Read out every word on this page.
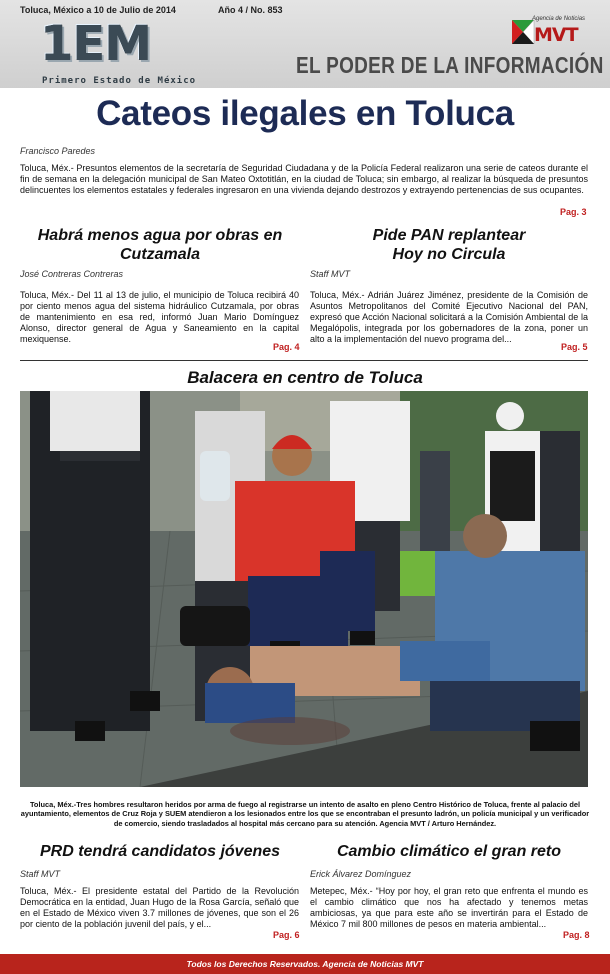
Toluca, México a 10 de Julio de 2014	Año 4 / No. 853
1EM
Primero Estado de México
Agencia de Noticias
MVT
EL PODER DE LA INFORMACIÓN
Cateos ilegales en Toluca
Francisco Paredes

Toluca, Méx.- Presuntos elementos de la secretaría de Seguridad Ciudadana y de la Policía Federal realizaron una serie de cateos durante el fin de semana en la delegación municipal de San Mateo Oxtotitlán, en la ciudad de Toluca; sin embargo, al realizar la búsqueda de presuntos delincuentes los elementos estatales y federales ingresaron en una vivienda dejando destrozos y extrayendo pertenencias de sus ocupantes.

Pag. 3
Habrá menos agua por obras en
Cutzamala
José Contreras Contreras

Toluca, Méx.- Del 11 al 13 de julio, el municipio de Toluca recibirá 40 por ciento menos agua del sistema hidráulico Cutzamala, por obras de mantenimiento en esa red, informó Juan Mario Domínguez Alonso, director general de Agua y Saneamiento en la capital mexiquense.

Pag. 4
Pide PAN replantear
Hoy no Circula
Staff MVT

Toluca, Méx.- Adrián Juárez Jiménez, presidente de la Comisión de Asuntos Metropolitanos del Comité Ejecutivo Nacional del PAN, expresó que Acción Nacional solicitará a la Comisión Ambiental de la Megalópolis, integrada por los gobernadores de la zona, poner un alto a la implementación del nuevo programa del...

Pag. 5
Balacera en centro de Toluca

Toluca, Méx.-Tres hombres resultaron heridos por arma de fuego al registrarse un intento de asalto en pleno Centro Histórico de Toluca, frente al palacio del ayuntamiento, elementos de Cruz Roja y SUEM atendieron a los lesionados entre los que se encontraban el presunto ladrón, un policía municipal y un verificador de comercio, siendo trasladados al hospital más cercano para su atención. Agencia MVT / Arturo Hernández.

PRD tendrá candidatos jóvenes
Staff MVT

Toluca, Méx.- El presidente estatal del Partido de la Revolución Democrática en la entidad, Juan Hugo de la Rosa García, señaló que en el Estado de México viven 3.7 millones de jóvenes, que son el 26 por ciento de la población juvenil del país, y el...

Pag. 6
Cambio climático el gran reto
Erick Álvarez Domínguez

Metepec, Méx.- “Hoy por hoy, el gran reto que enfrenta el mundo es el cambio climático que nos ha afectado y tenemos metas ambiciosas, ya que para este año se invertirán para el Estado de México 7 mil 800 millones de pesos en materia ambiental...

Pag. 8
Todos los Derechos Reservados. Agencia de Noticias MVT
